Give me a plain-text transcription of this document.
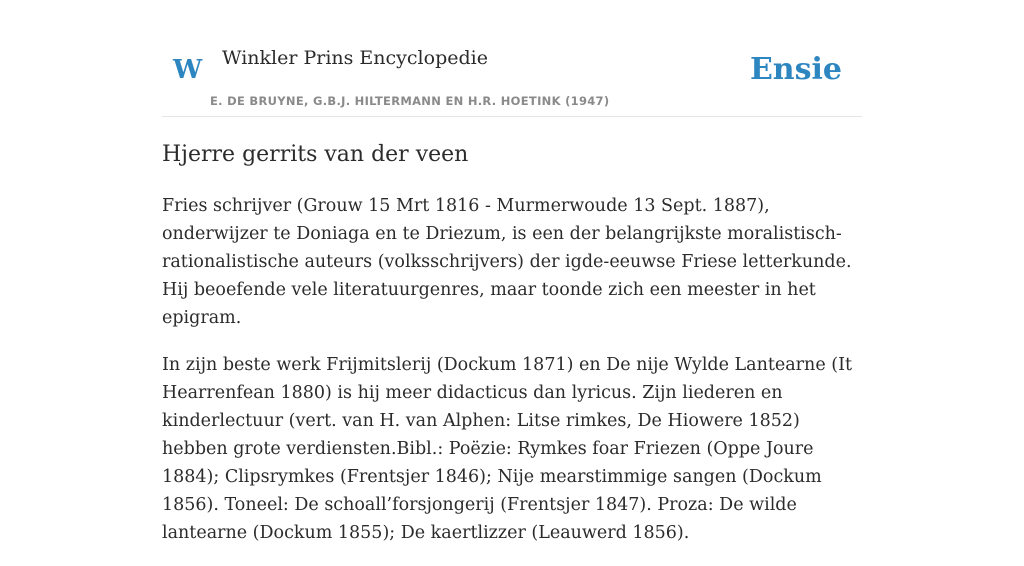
W Winkler Prins Encyclopedie
E. DE BRUYNE, G.B.J. HILTERMANN EN H.R. HOETINK (1947)
Ensie
Hjerre gerrits van der veen

Fries schrijver (Grouw 15 Mrt 1816 - Murmerwoude 13 Sept. 1887), onderwijzer te Doniaga en te Driezum, is een der belangrijkste moralistisch-rationalistische auteurs (volksschrijvers) der igde-eeuwse Friese letterkunde. Hij beoefende vele literatuurgenres, maar toonde zich een meester in het epigram.

In zijn beste werk Frijmitslerij (Dockum 1871) en De nije Wylde Lantearne (It Hearrenfean 1880) is hij meer didacticus dan lyricus. Zijn liederen en kinderlectuur (vert. van H. van Alphen: Litse rimkes, De Hiowere 1852) hebben grote verdiensten.Bibl.: Poëzie: Rymkes foar Friezen (Oppe Joure 1884); Clipsrymkes (Frentsjer 1846); Nije mearstimmige sangen (Dockum 1856). Toneel: De schoall’forsjongerij (Frentsjer 1847). Proza: De wilde lantearne (Dockum 1855); De kaertlizzer (Leauwerd 1856).
